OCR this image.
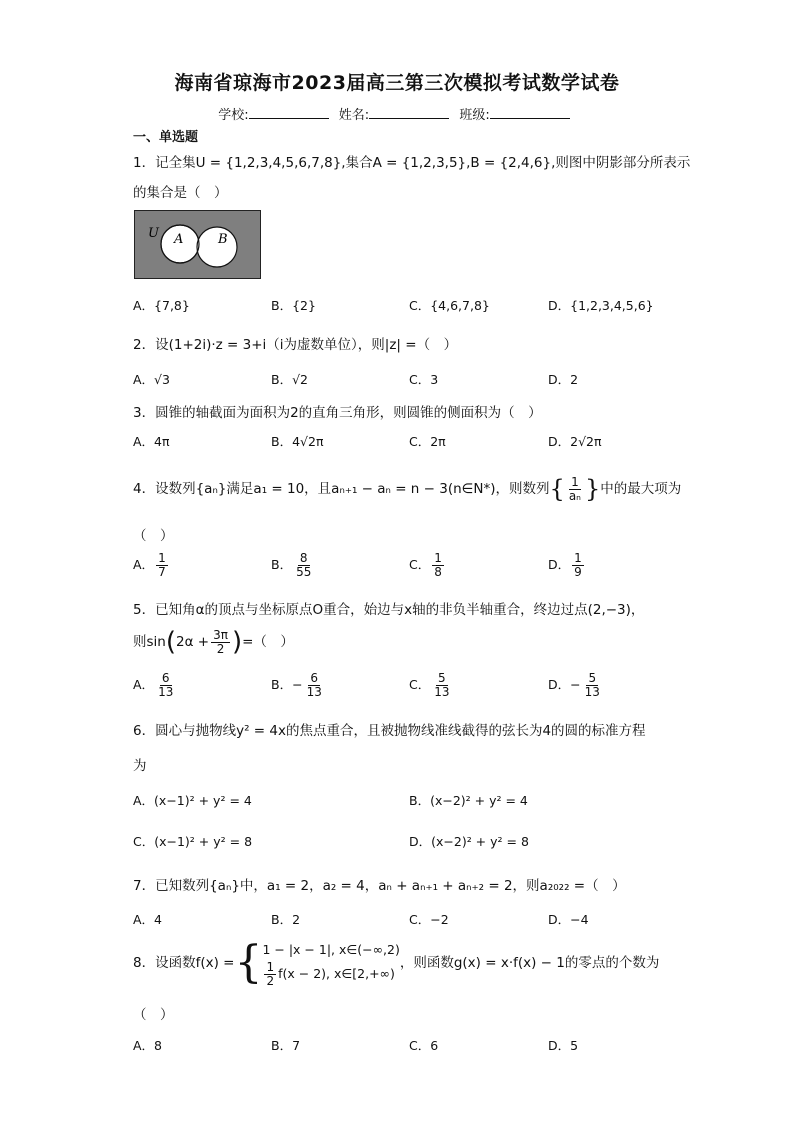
海南省琼海市2023届高三第三次模拟考试数学试卷
学校:	姓名:	班级:
一、单选题
1．记全集U = {1,2,3,4,5,6,7,8},集合A = {1,2,3,5},B = {2,4,6},则图中阴影部分所表示
的集合是（　）
U A	B
A．{7,8}	B．{2}	C．{4,6,7,8}	D．{1,2,3,4,5,6}
2．设(1+2i)·z = 3+i（i为虚数单位），则|z| =（　）
A．√3	B．√2	C．3	D．2
3．圆锥的轴截面为面积为2的直角三角形，则圆锥的侧面积为（　）
A．4π	B．4√2π	C．2π	D．2√2π
4．设数列{aₙ}满足a₁ = 10，且aₙ₊₁ − aₙ = n − 3(n∈N*)，则数列{ $\frac{1}{\text{aₙ}}$ }中的最大项为
（　）
A． $\frac{1}{7}$	B． $\frac{8}{55}$	C． $\frac{1}{8}$	D． $\frac{1}{9}$
5．已知角α的顶点与坐标原点O重合，始边与x轴的非负半轴重合，终边过点(2,−3)，
则$\sin(2\alpha + \frac{3\pi}{2}$ )=（　）
A． $\frac{6}{13}$	B．− $\frac{6}{13}$	C． $\frac{5}{13}$	D．− $\frac{5}{13}$
6．圆心与抛物线y² = 4x的焦点重合，且被抛物线准线截得的弦长为4的圆的标准方程
为
A．(x−1)² + y² = 4	B．(x−2)² + y² = 4
C．(x−1)² + y² = 8	D．(x−2)² + y² = 8
7．已知数列{aₙ}中，a₁ = 2，a₂ = 4，aₙ + aₙ₊₁ + aₙ₊₂ = 2，则a₂₀₂₂ =（　）
A．4	B．2	C．−2	D．−4
8．设函数f(x) ={ 1 − |x − 1|, x∈(−∞,2)
$\frac{1}{2} f(x - 2)$, x∈[2,+∞)
，则函数g(x) = x·f(x) − 1的零点的个数为
（　）
A．8	B．7	C．6	D．5
